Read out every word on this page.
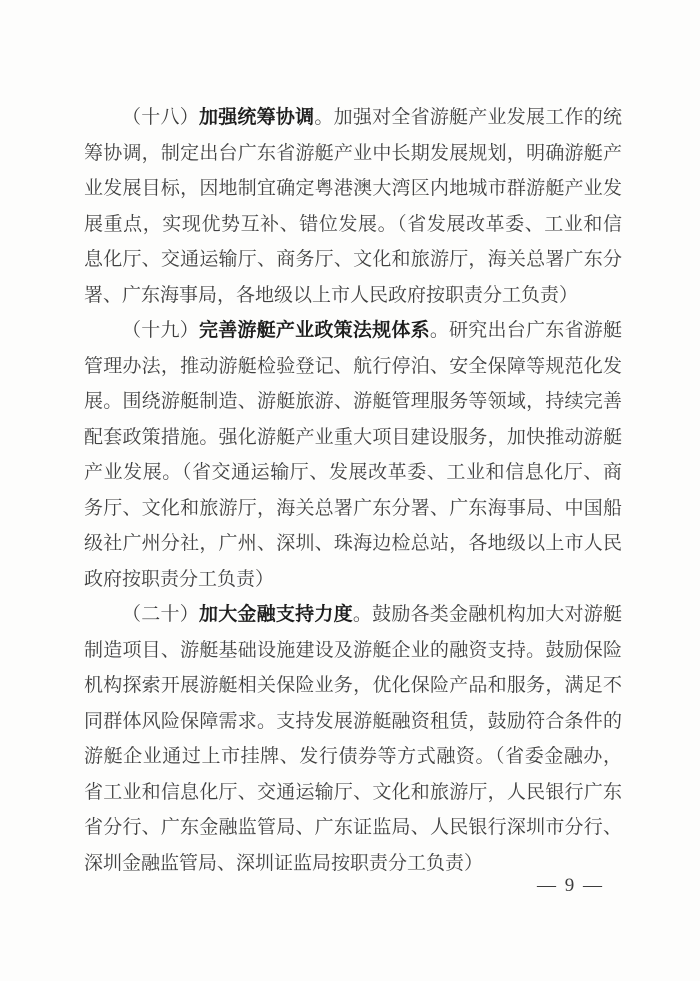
（十八）加强统筹协调。加强对全省游艇产业发展工作的统
筹协调，制定出台广东省游艇产业中长期发展规划，明确游艇产
业发展目标，因地制宜确定粤港澳大湾区内地城市群游艇产业发
展重点，实现优势互补、错位发展。（省发展改革委、工业和信
息化厅、交通运输厅、商务厅、文化和旅游厅，海关总署广东分
署、广东海事局，各地级以上市人民政府按职责分工负责）
（十九）完善游艇产业政策法规体系。研究出台广东省游艇
管理办法，推动游艇检验登记、航行停泊、安全保障等规范化发
展。围绕游艇制造、游艇旅游、游艇管理服务等领域，持续完善
配套政策措施。强化游艇产业重大项目建设服务，加快推动游艇
产业发展。（省交通运输厅、发展改革委、工业和信息化厅、商
务厅、文化和旅游厅，海关总署广东分署、广东海事局、中国船
级社广州分社，广州、深圳、珠海边检总站，各地级以上市人民
政府按职责分工负责）
（二十）加大金融支持力度。鼓励各类金融机构加大对游艇
制造项目、游艇基础设施建设及游艇企业的融资支持。鼓励保险
机构探索开展游艇相关保险业务，优化保险产品和服务，满足不
同群体风险保障需求。支持发展游艇融资租赁，鼓励符合条件的
游艇企业通过上市挂牌、发行债券等方式融资。（省委金融办，
省工业和信息化厅、交通运输厅、文化和旅游厅，人民银行广东
省分行、广东金融监管局、广东证监局、人民银行深圳市分行、
深圳金融监管局、深圳证监局按职责分工负责）
— 9 —
